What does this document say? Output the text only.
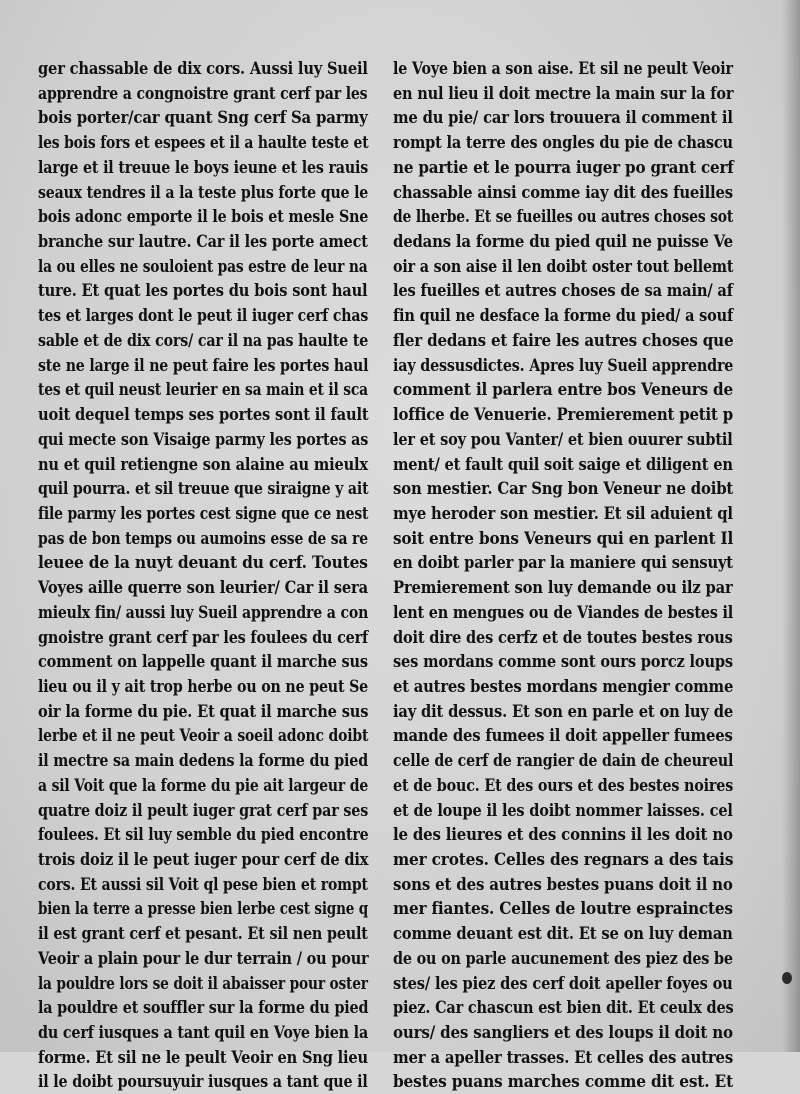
ger chassable de dix cors. Aussi luy Sueil
apprendre a congnoistre grant cerf par les
bois porter/car quant Sng cerf Sa parmy
les bois fors et espees et il a haulte teste et
large et il treuue le boys ieune et les rauis
seaux tendres il a la teste plus forte que le
bois adonc emporte il le bois et mesle Sne
branche sur lautre. Car il les porte amect
la ou elles ne souloient pas estre de leur na
ture. Et quat les portes du bois sont haul
tes et larges dont le peut il iuger cerf chas
sable et de dix cors/ car il na pas haulte te
ste ne large il ne peut faire les portes haul
tes et quil neust leurier en sa main et il sca
uoit dequel temps ses portes sont il fault
qui mecte son Visaige parmy les portes as
nu et quil retiengne son alaine au mieulx
quil pourra. et sil treuue que siraigne y ait
file parmy les portes cest signe que ce nest
pas de bon temps ou aumoins esse de sa re
leuee de la nuyt deuant du cerf. Toutes
Voyes aille querre son leurier/ Car il sera
mieulx fin/ aussi luy Sueil apprendre a con
gnoistre grant cerf par les foulees du cerf
comment on lappelle quant il marche sus
lieu ou il y ait trop herbe ou on ne peut Se
oir la forme du pie. Et quat il marche sus
lerbe et il ne peut Veoir a soeil adonc doibt
il mectre sa main dedens la forme du pied
a sil Voit que la forme du pie ait largeur de
quatre doiz il peult iuger grat cerf par ses
foulees. Et sil luy semble du pied encontre
trois doiz il le peut iuger pour cerf de dix
cors. Et aussi sil Voit ql pese bien et rompt
bien la terre a presse bien lerbe cest signe q
il est grant cerf et pesant. Et sil nen peult
Veoir a plain pour le dur terrain / ou pour
la pouldre lors se doit il abaisser pour oster
la pouldre et souffler sur la forme du pied
du cerf iusques a tant quil en Voye bien la
forme. Et sil ne le peult Veoir en Sng lieu
il le doibt poursuyuir iusques a tant que il
le Voye bien a son aise. Et sil ne peult Veoir
en nul lieu il doit mectre la main sur la for
me du pie/ car lors trouuera il comment il
rompt la terre des ongles du pie de chascu
ne partie et le pourra iuger po grant cerf
chassable ainsi comme iay dit des fueilles
de lherbe. Et se fueilles ou autres choses sot
dedans la forme du pied quil ne puisse Ve
oir a son aise il len doibt oster tout bellemt
les fueilles et autres choses de sa main/ af
fin quil ne desface la forme du pied/ a souf
fler dedans et faire les autres choses que
iay dessusdictes. Apres luy Sueil apprendre
comment il parlera entre bos Veneurs de
loffice de Venuerie. Premierement petit p
ler et soy pou Vanter/ et bien ouurer subtil
ment/ et fault quil soit saige et diligent en
son mestier. Car Sng bon Veneur ne doibt
mye heroder son mestier. Et sil aduient ql
soit entre bons Veneurs qui en parlent Il
en doibt parler par la maniere qui sensuyt
Premierement son luy demande ou ilz par
lent en mengues ou de Viandes de bestes il
doit dire des cerfz et de toutes bestes rous
ses mordans comme sont ours porcz loups
et autres bestes mordans mengier comme
iay dit dessus. Et son en parle et on luy de
mande des fumees il doit appeller fumees
celle de cerf de rangier de dain de cheureul
et de bouc. Et des ours et des bestes noires
et de loupe il les doibt nommer laisses. cel
le des lieures et des connins il les doit no
mer crotes. Celles des regnars a des tais
sons et des autres bestes puans doit il no
mer fiantes. Celles de loutre esprainctes
comme deuant est dit. Et se on luy deman
de ou on parle aucunement des piez des be
stes/ les piez des cerf doit apeller foyes ou
piez. Car chascun est bien dit. Et ceulx des
ours/ des sangliers et des loups il doit no
mer a apeller trasses. Et celles des autres
bestes puans marches comme dit est. Et
